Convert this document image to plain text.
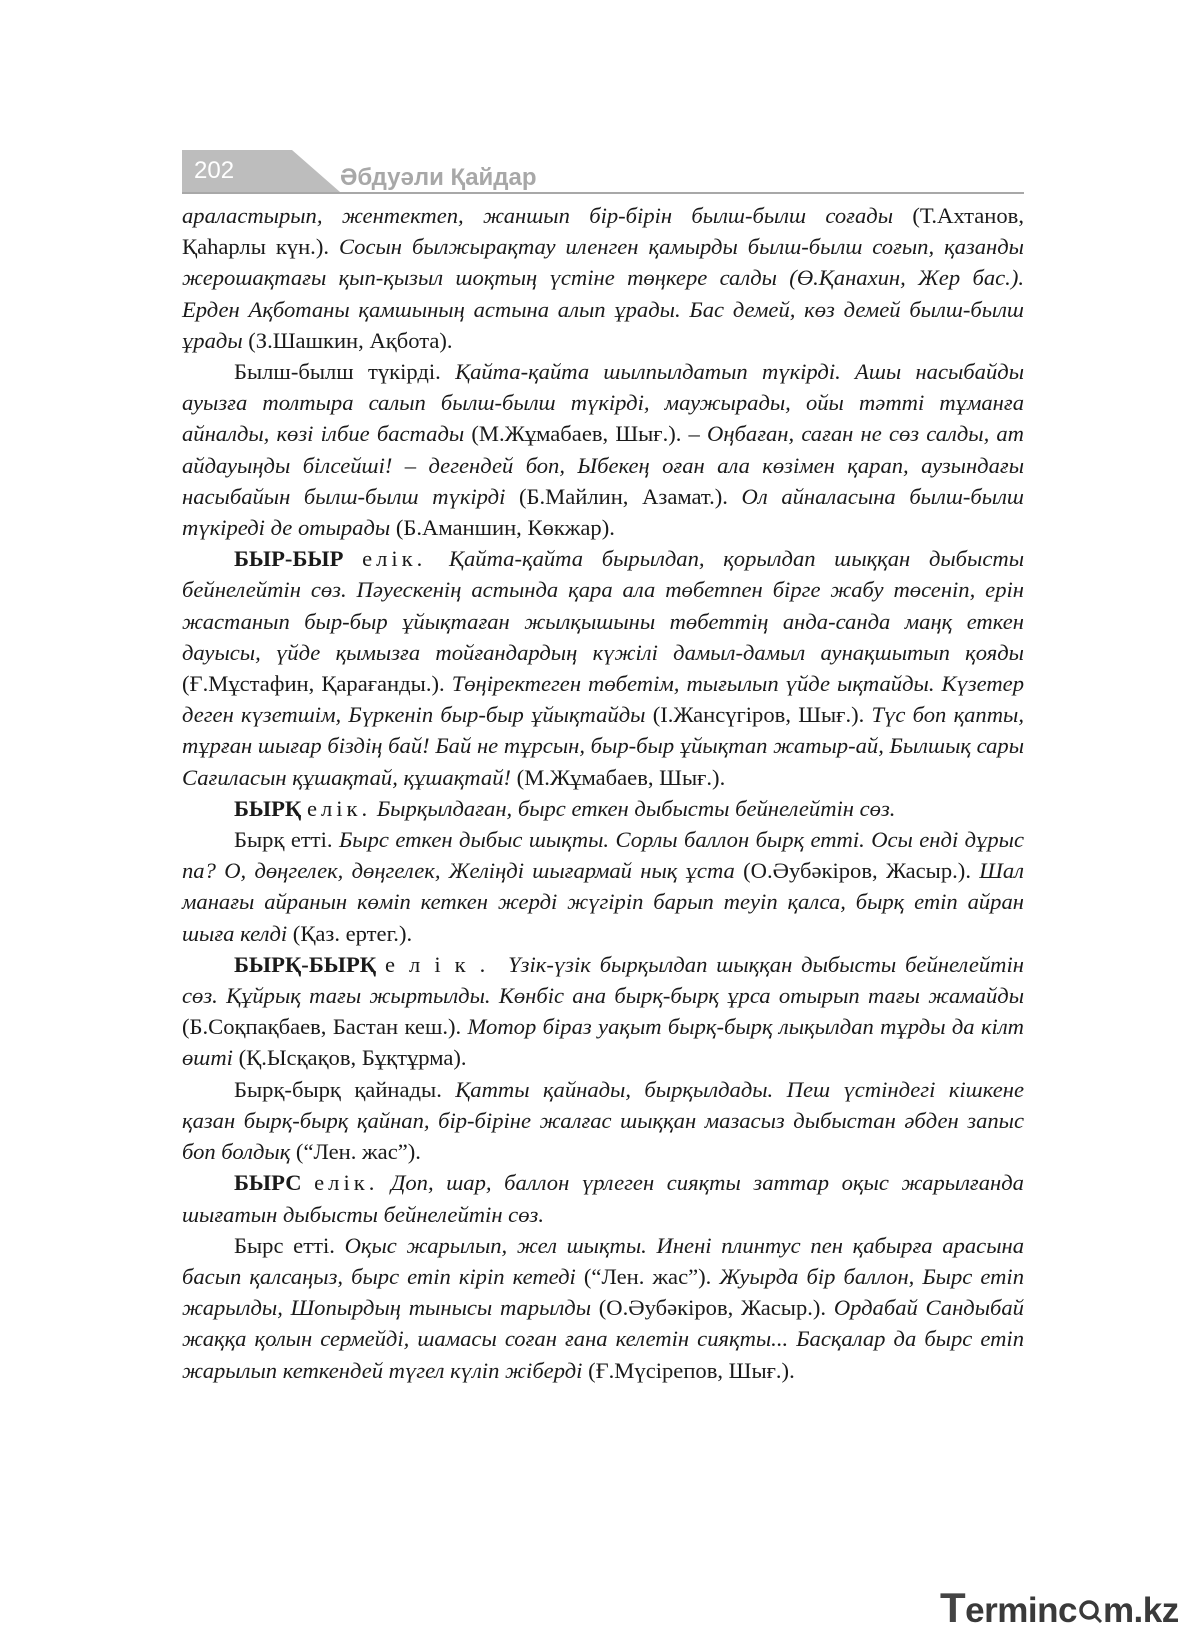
202	Әбдуәли Қайдар

араластырып, жентектеп, жаншып бір-бірін былш-былш соғады (Т.Ахтанов, Қаһарлы күн.). Сосын былжырақтау иленген қамырды былш-былш соғып, қазанды жерошақтағы қып-қызыл шоқтың үстіне төңкере салды (Ө.Қанахин, Жер бас.). Ерден Ақботаны қамшының астына алып ұрады. Бас демей, көз демей былш-былш ұрады (З.Шашкин, Ақбота).

Былш-былш түкірді. Қайта-қайта шылпылдатып түкірді. Ашы насыбайды ауызға толтыра салып былш-былш түкірді, маужырады, ойы тәтті тұманға айналды, көзі ілбие бастады (М.Жұмабаев, Шығ.). – Оңбаған, саған не сөз салды, ат айдауыңды білсейші! – дегендей боп, Ыбекең оған ала көзімен қарап, аузындағы насыбайын былш-былш түкірді (Б.Майлин, Азамат.). Ол айналасына былш-былш түкіреді де отырады (Б.Аманшин, Көкжар).

БЫР-БЫР елік. Қайта-қайта бырылдап, қорылдап шыққан дыбысты бейнелейтін сөз. Пәуескенің астында қара ала төбетпен бірге жабу төсеніп, ерін жастанып быр-быр ұйықтаған жылқышыны төбеттің анда-санда маңқ еткен дауысы, үйде қымызға тойғандардың күжілі дамыл-дамыл аунақшытып қояды (Ғ.Мұстафин, Қарағанды.). Төңіректеген төбетім, тығылып үйде ықтайды. Күзетер деген күзетшім, Бүркеніп быр-быр ұйықтайды (І.Жансүгіров, Шығ.). Түс боп қапты, тұрған шығар біздің бай! Бай не тұрсын, быр-быр ұйықтап жатыр-ай, Былшық сары Сағиласын құшақтай, құшақтай! (М.Жұмабаев, Шығ.).

БЫРҚ елік. Бырқылдаған, бырс еткен дыбысты бейнелейтін сөз.

Бырқ етті. Бырс еткен дыбыс шықты. Сорлы баллон бырқ етті. Осы енді дұрыс па? О, дөңгелек, дөңгелек, Желіңді шығармай нық ұста (О.Әубәкіров, Жасыр.). Шал манағы айранын көміп кеткен жерді жүгіріп барып теуіп қалса, бырқ етіп айран шыға келді (Қаз. ертег.).

БЫРҚ-БЫРҚ елік. Үзік-үзік бырқылдап шыққан дыбысты бейнелейтін сөз. Құйрық тағы жыртылды. Көнбіс ана бырқ-бырқ ұрса отырып тағы жамайды (Б.Соқпақбаев, Бастан кеш.). Мотор біраз уақыт бырқ-бырқ лықылдап тұрды да кілт өшті (Қ.Ысқақов, Бұқтұрма).

Бырқ-бырқ қайнады. Қатты қайнады, бырқылдады. Пеш үстіндегі кішкене қазан бырқ-бырқ қайнап, бір-біріне жалғас шыққан мазасыз дыбыстан әбден запыс боп болдық (“Лен. жас”).

БЫРС елік. Доп, шар, баллон үрлеген сияқты заттар оқыс жарылғанда шығатын дыбысты бейнелейтін сөз.

Бырс етті. Оқыс жарылып, жел шықты. Инені плинтус пен қабырға арасына басып қалсаңыз, бырс етіп кіріп кетеді (“Лен. жас”). Жуырда бір баллон, Бырс етіп жарылды, Шопырдың тынысы тарылды (О.Әубәкіров, Жасыр.). Ордабай Сандыбай жаққа қолын сермейді, шамасы соған ғана келетін сияқты... Басқалар да бырс етіп жарылып кеткендей түгел күліп жіберді (Ғ.Мүсірепов, Шығ.).

Terminc m.kz
